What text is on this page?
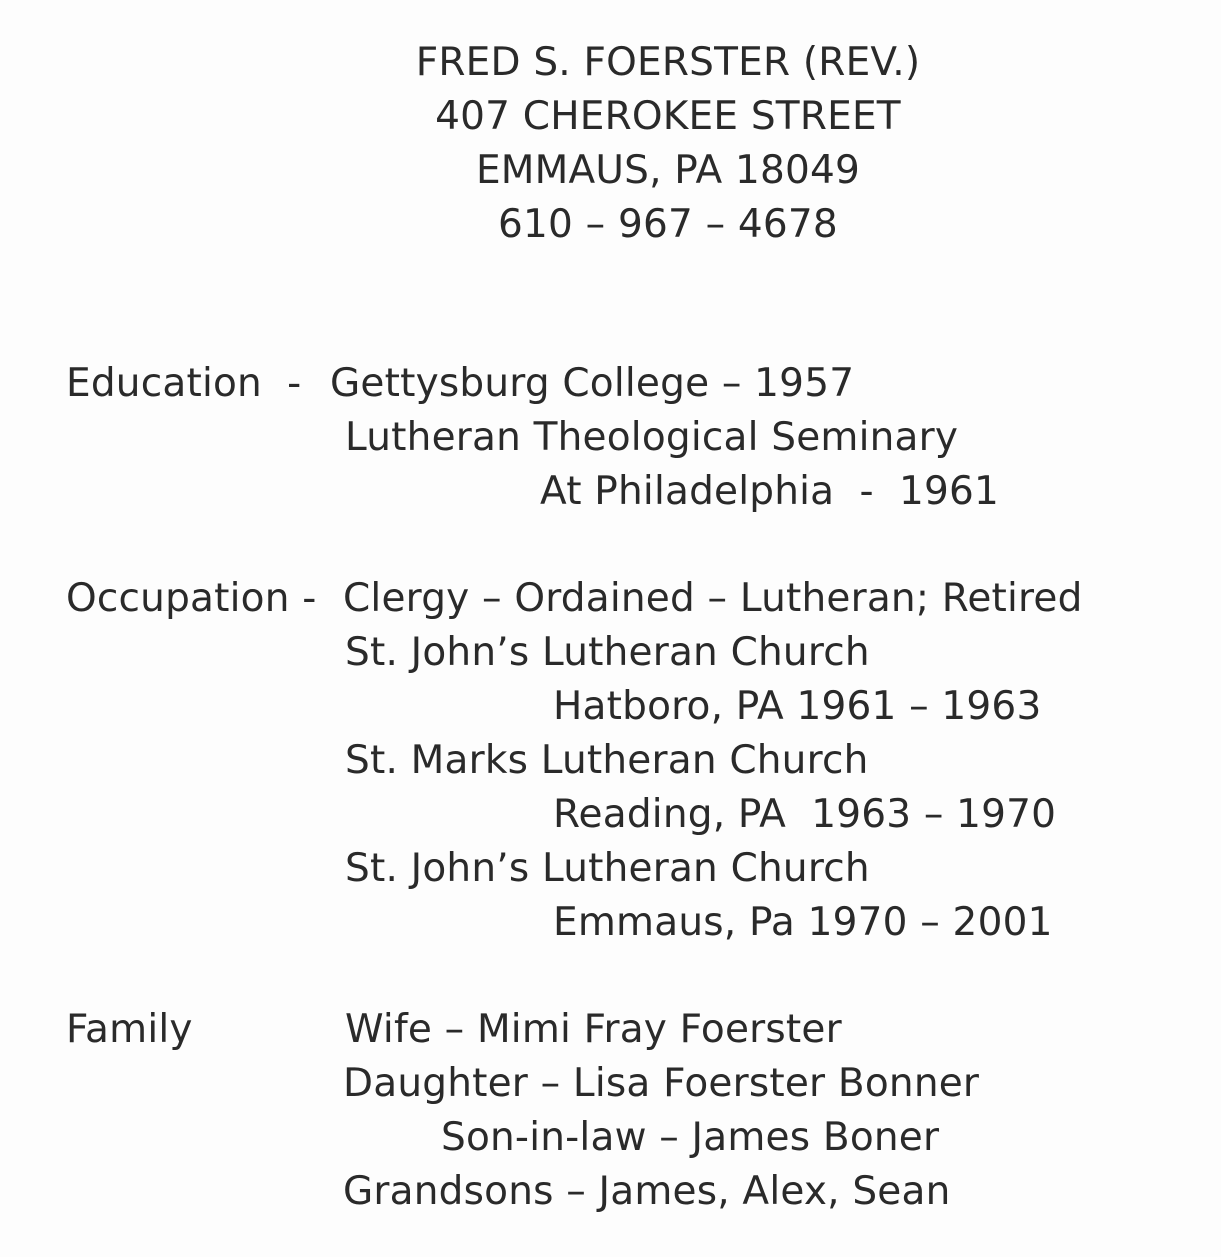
FRED S. FOERSTER (REV.)
407 CHEROKEE STREET
EMMAUS, PA 18049
610 – 967 – 4678
Education  - Gettysburg College – 1957
Lutheran Theological Seminary
At Philadelphia  -  1961
Occupation - Clergy – Ordained – Lutheran; Retired
St. John’s Lutheran Church
Hatboro, PA 1961 – 1963
St. Marks Lutheran Church
Reading, PA  1963 – 1970
St. John’s Lutheran Church
Emmaus, Pa 1970 – 2001
Family	Wife – Mimi Fray Foerster
Daughter – Lisa Foerster Bonner
Son-in-law – James Boner
Grandsons – James, Alex, Sean
